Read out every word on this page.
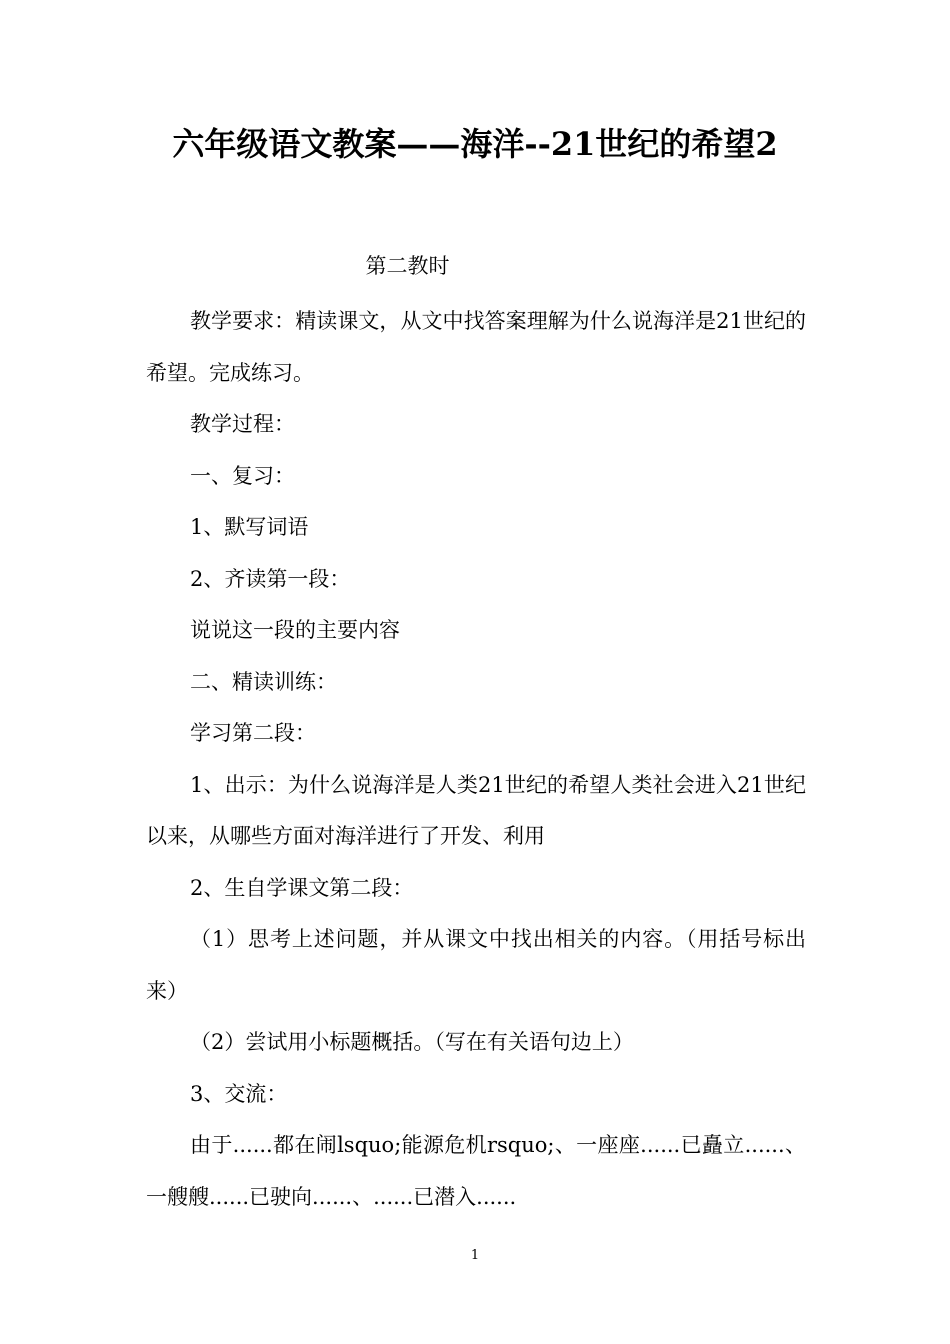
六年级语文教案——海洋--21世纪的希望2
第二教时

教学要求：精读课文，从文中找答案理解为什么说海洋是21世纪的希望。完成练习。

教学过程：

一、复习：

1、默写词语

2、齐读第一段：

说说这一段的主要内容

二、精读训练：

学习第二段：

1、出示：为什么说海洋是人类21世纪的希望人类社会进入21世纪以来，从哪些方面对海洋进行了开发、利用

2、生自学课文第二段：

（1）思考上述问题，并从课文中找出相关的内容。（用括号标出来）

（2）尝试用小标题概括。（写在有关语句边上）

3、交流：

由于......都在闹lsquo;能源危机rsquo;、一座座......已矗立......、一艘艘......已驶向......、......已潜入......

1
